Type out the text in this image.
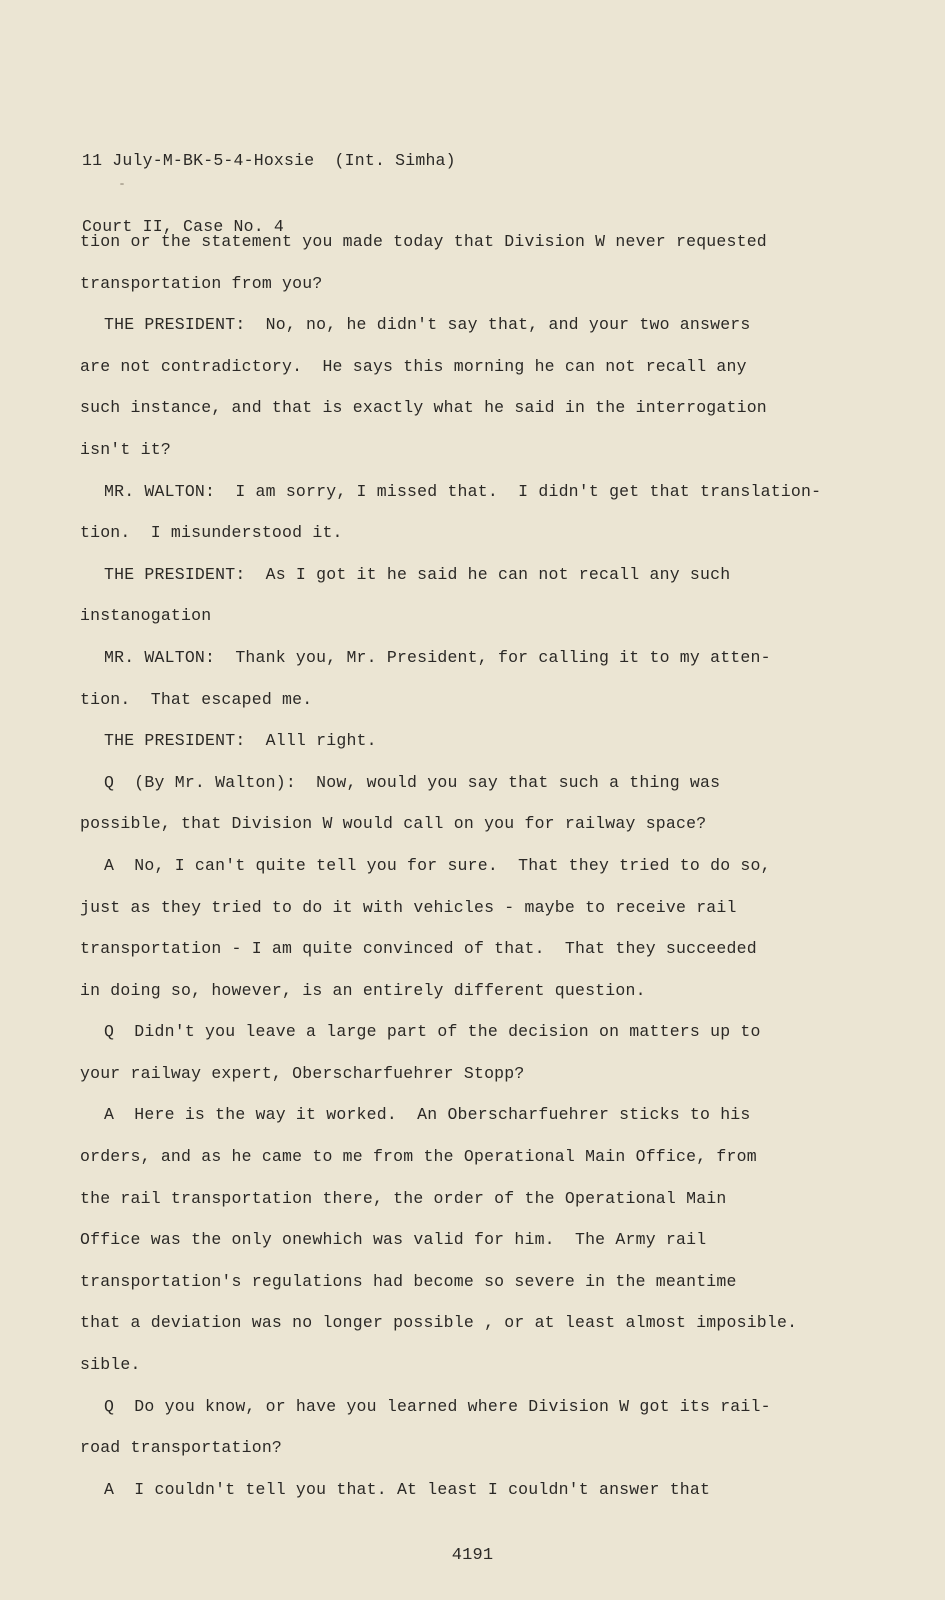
11 July-M-BK-5-4-Hoxsie  (Int. Simha)

Court II, Case No. 4

tion or the statement you made today that Division W never requested
transportation from you?
THE PRESIDENT:  No, no, he didn't say that, and your two answers
are not contradictory.  He says this morning he can not recall any
such instance, and that is exactly what he said in the interrogation
isn't it?
MR. WALTON:  I am sorry, I missed that.  I didn't get that translation-
tion.  I misunderstood it.
THE PRESIDENT:  As I got it he said he can not recall any such
instanogation
MR. WALTON:  Thank you, Mr. President, for calling it to my atten-
tion.  That escaped me.
THE PRESIDENT:  Alll right.
Q  (By Mr. Walton):  Now, would you say that such a thing was
possible, that Division W would call on you for railway space?
A  No, I can't quite tell you for sure.  That they tried to do so,
just as they tried to do it with vehicles - maybe to receive rail
transportation - I am quite convinced of that.  That they succeeded
in doing so, however, is an entirely different question.
Q  Didn't you leave a large part of the decision on matters up to
your railway expert, Oberscharfuehrer Stopp?
A  Here is the way it worked.  An Oberscharfuehrer sticks to his
orders, and as he came to me from the Operational Main Office, from
the rail transportation there, the order of the Operational Main
Office was the only onewhich was valid for him.  The Army rail
transportation's regulations had become so severe in the meantime
that a deviation was no longer possible , or at least almost imposible.
sible.
Q  Do you know, or have you learned where Division W got its rail-
road transportation?
A  I couldn't tell you that. At least I couldn't answer that
4191
